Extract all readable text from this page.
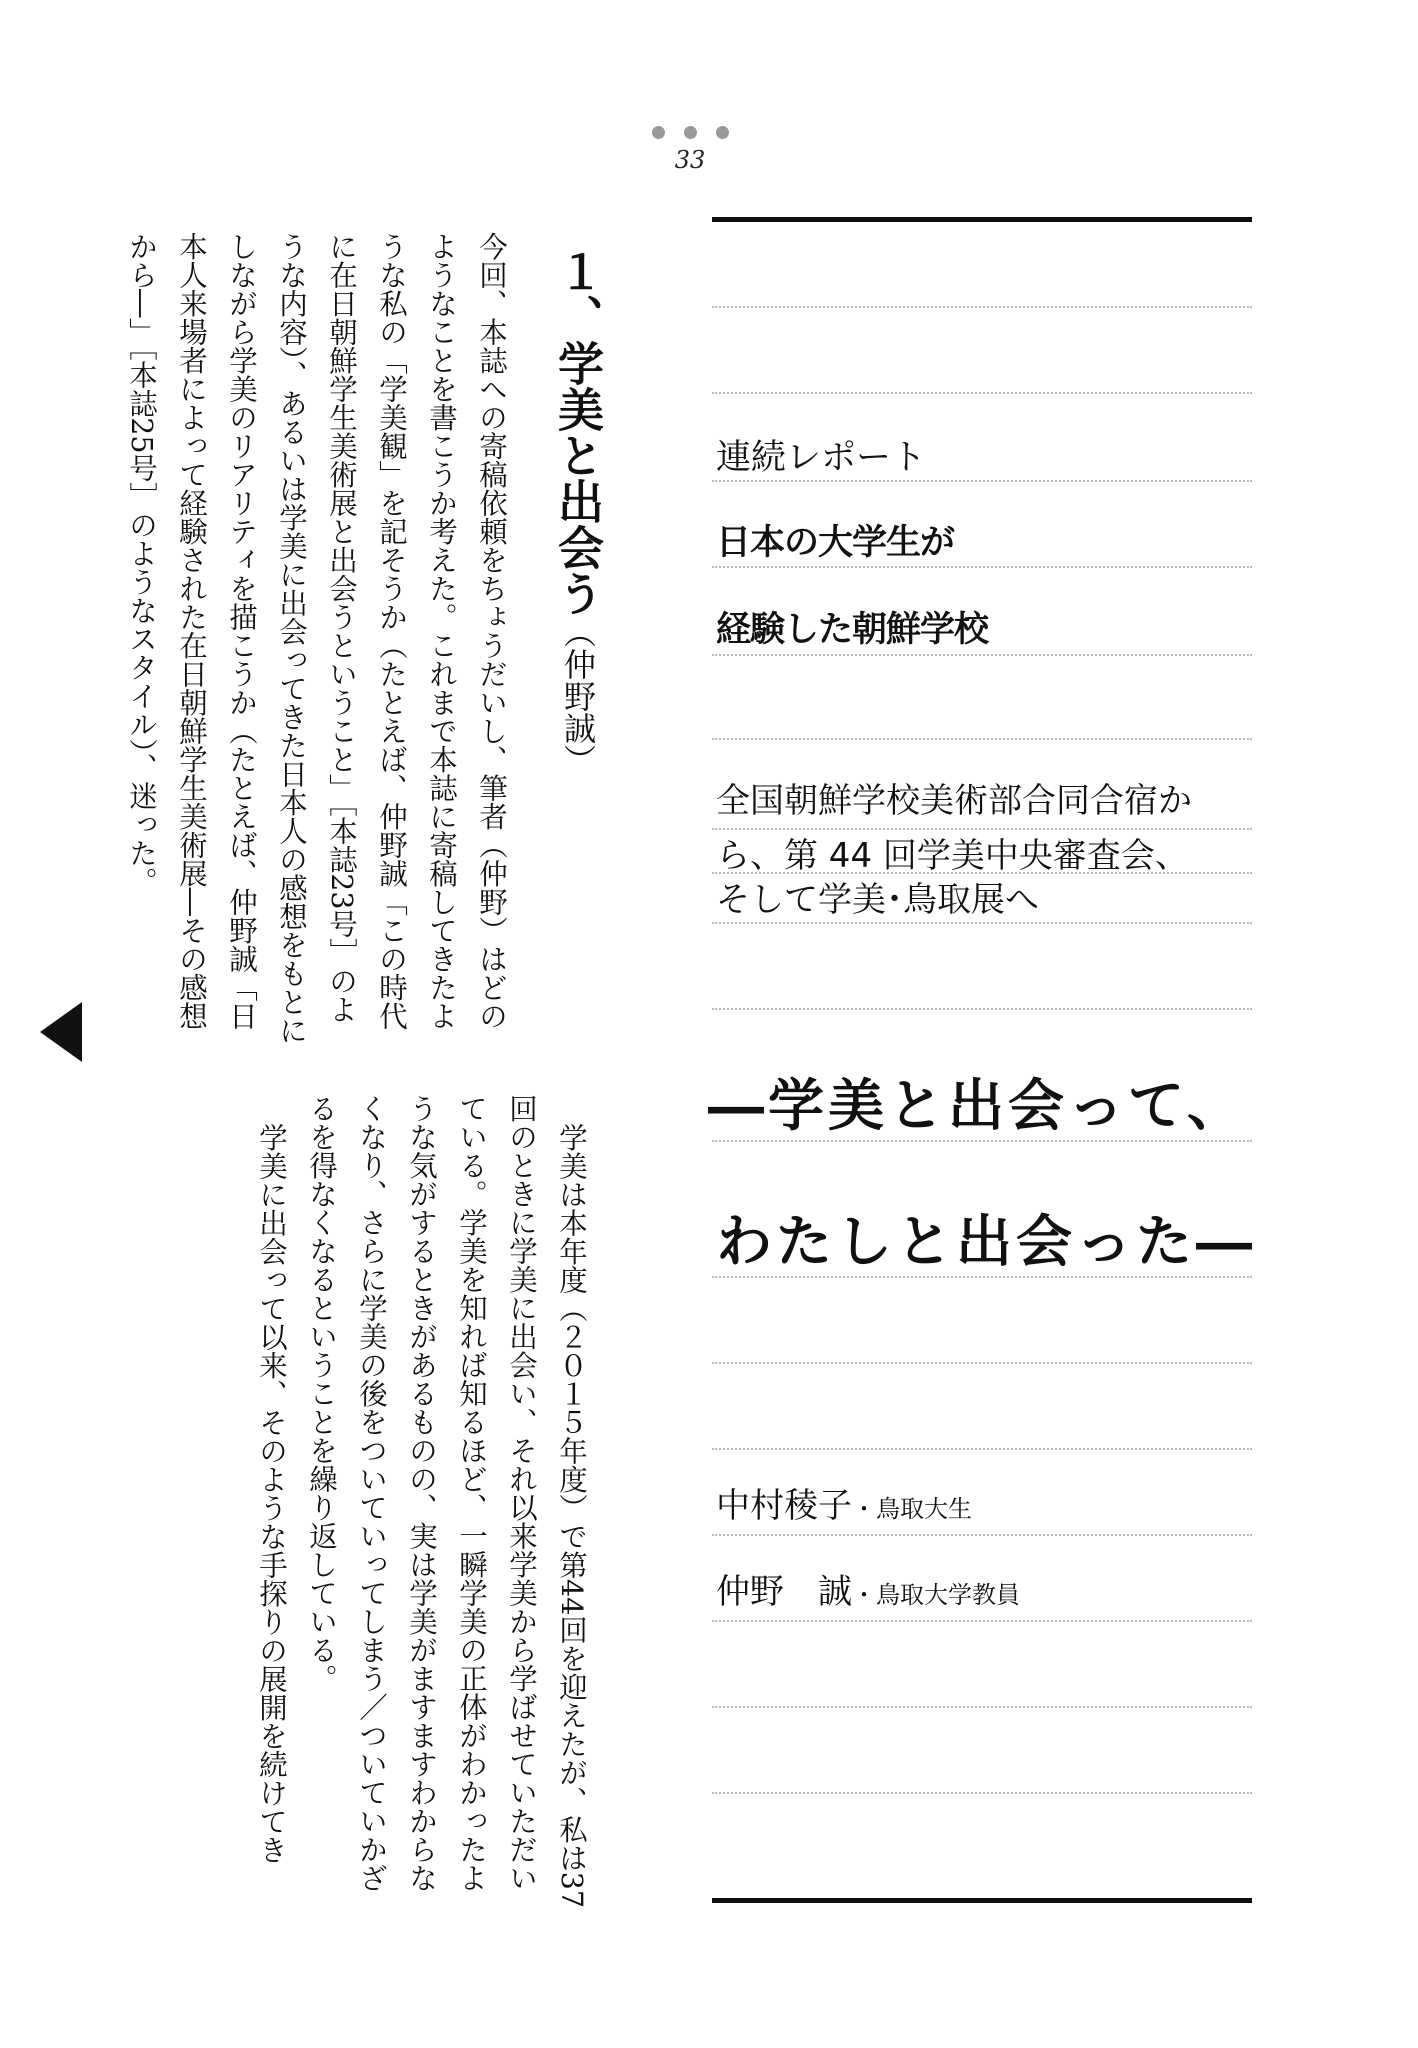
33
連続レポート
日本の大学生が
経験した朝鮮学校
全国朝鮮学校美術部合同合宿か
ら、第 44 回学美中央審査会、
そして学美･鳥取展へ
―学美と出会って、
わたしと出会った―
中村稜子・鳥取大生
仲野　誠・鳥取大学教員
１、学美と出会う（仲野誠）

今回、本誌への寄稿依頼をちょうだいし、筆者（仲野）はどのようなことを書こうか考えた。これまで本誌に寄稿してきたような私の「学美観」を記そうか（たとえば、仲野誠「この時代に在日朝鮮学生美術展と出会うということ」［本誌23号］のような内容）、あるいは学美に出会ってきた日本人の感想をもとにしながら学美のリアリティを描こうか（たとえば、仲野誠「日本人来場者によって経験された在日朝鮮学生美術展―その感想から―」［本誌25号］のようなスタイル）、迷った。

学美は本年度（２０１５年度）で第44回を迎えたが、私は37回のときに学美に出会い、それ以来学美から学ばせていただいている。学美を知れば知るほど、一瞬学美の正体がわかったような気がするときがあるものの、実は学美がますますわからなくなり、さらに学美の後をついていってしまう／ついていかざるを得なくなるということを繰り返している。

学美に出会って以来、そのような手探りの展開を続けてき
